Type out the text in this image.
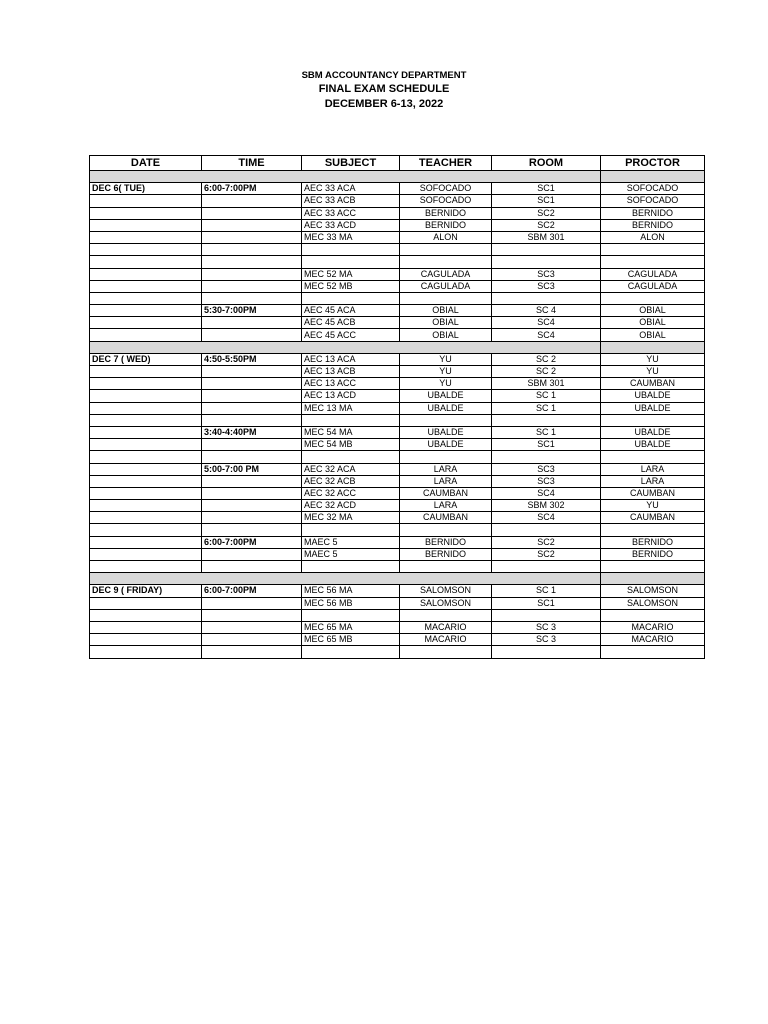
SBM ACCOUNTANCY DEPARTMENT
FINAL EXAM SCHEDULE
DECEMBER 6-13, 2022
DATE	TIME	SUBJECT	TEACHER	ROOM	PROCTOR

DEC 6( TUE)	6:00-7:00PM	AEC 33 ACA	SOFOCADO	SC1	SOFOCADO
		AEC 33 ACB	SOFOCADO	SC1	SOFOCADO
		AEC 33 ACC	BERNIDO	SC2	BERNIDO
		AEC 33 ACD	BERNIDO	SC2	BERNIDO
		MEC 33 MA	ALON	SBM 301	ALON

		MEC 52 MA	CAGULADA	SC3	CAGULADA
		MEC 52 MB	CAGULADA	SC3	CAGULADA

	5:30-7:00PM	AEC 45 ACA	OBIAL	SC 4	OBIAL
		AEC 45 ACB	OBIAL	SC4	OBIAL
		AEC 45 ACC	OBIAL	SC4	OBIAL

DEC 7 ( WED)	4:50-5:50PM	AEC 13 ACA	YU	SC 2	YU
		AEC 13 ACB	YU	SC 2	YU
		AEC 13 ACC	YU	SBM 301	CAUMBAN
		AEC 13 ACD	UBALDE	SC 1	UBALDE
		MEC 13 MA	UBALDE	SC 1	UBALDE

	3:40-4:40PM	MEC 54 MA	UBALDE	SC 1	UBALDE
		MEC 54 MB	UBALDE	SC1	UBALDE

	5:00-7:00 PM	AEC 32 ACA	LARA	SC3	LARA
		AEC 32 ACB	LARA	SC3	LARA
		AEC 32 ACC	CAUMBAN	SC4	CAUMBAN
		AEC 32 ACD	LARA	SBM 302	YU
		MEC 32 MA	CAUMBAN	SC4	CAUMBAN

	6:00-7:00PM	MAEC 5	BERNIDO	SC2	BERNIDO
		MAEC 5	BERNIDO	SC2	BERNIDO

DEC 9 ( FRIDAY)	6:00-7:00PM	MEC 56 MA	SALOMSON	SC 1	SALOMSON
		MEC 56 MB	SALOMSON	SC1	SALOMSON

		MEC 65 MA	MACARIO	SC 3	MACARIO
		MEC 65 MB	MACARIO	SC 3	MACARIO
